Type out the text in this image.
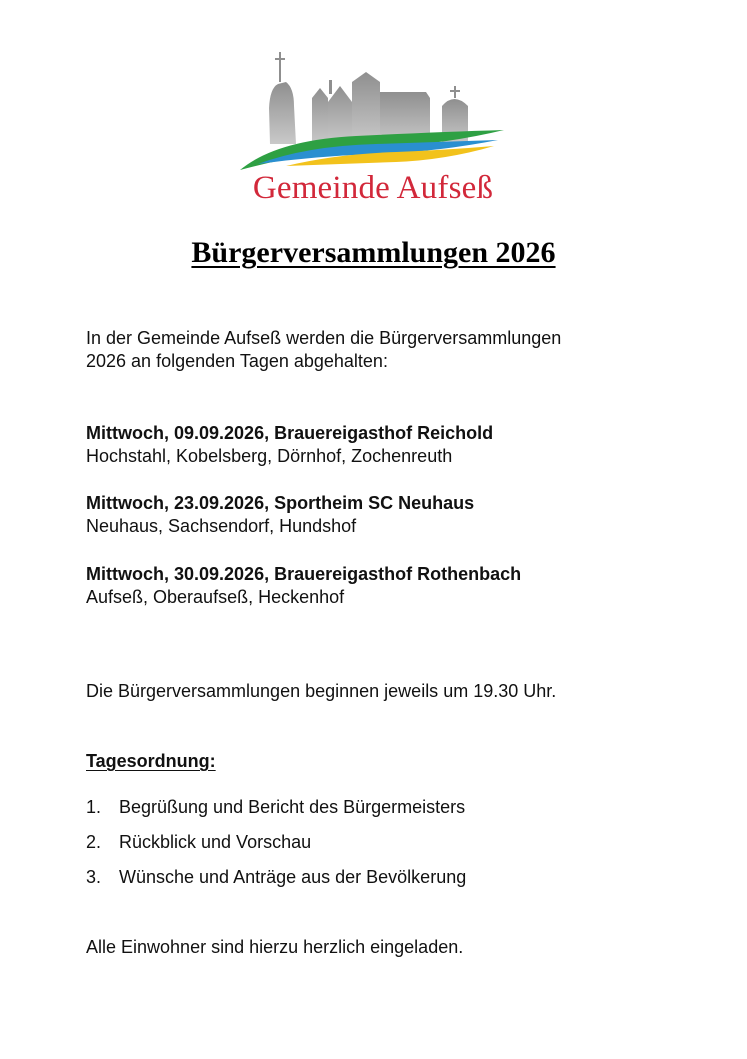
Gemeinde Aufseß
Bürgerversammlungen 2026
In der Gemeinde Aufseß werden die Bürgerversammlungen
2026 an folgenden Tagen abgehalten:
Mittwoch, 09.09.2026, Brauereigasthof Reichold
Hochstahl, Kobelsberg, Dörnhof, Zochenreuth
Mittwoch, 23.09.2026, Sportheim SC Neuhaus
Neuhaus, Sachsendorf, Hundshof
Mittwoch, 30.09.2026, Brauereigasthof Rothenbach
Aufseß, Oberaufseß, Heckenhof
Die Bürgerversammlungen beginnen jeweils um 19.30 Uhr.
Tagesordnung:
1. Begrüßung und Bericht des Bürgermeisters
2. Rückblick und Vorschau
3. Wünsche und Anträge aus der Bevölkerung
Alle Einwohner sind hierzu herzlich eingeladen.
